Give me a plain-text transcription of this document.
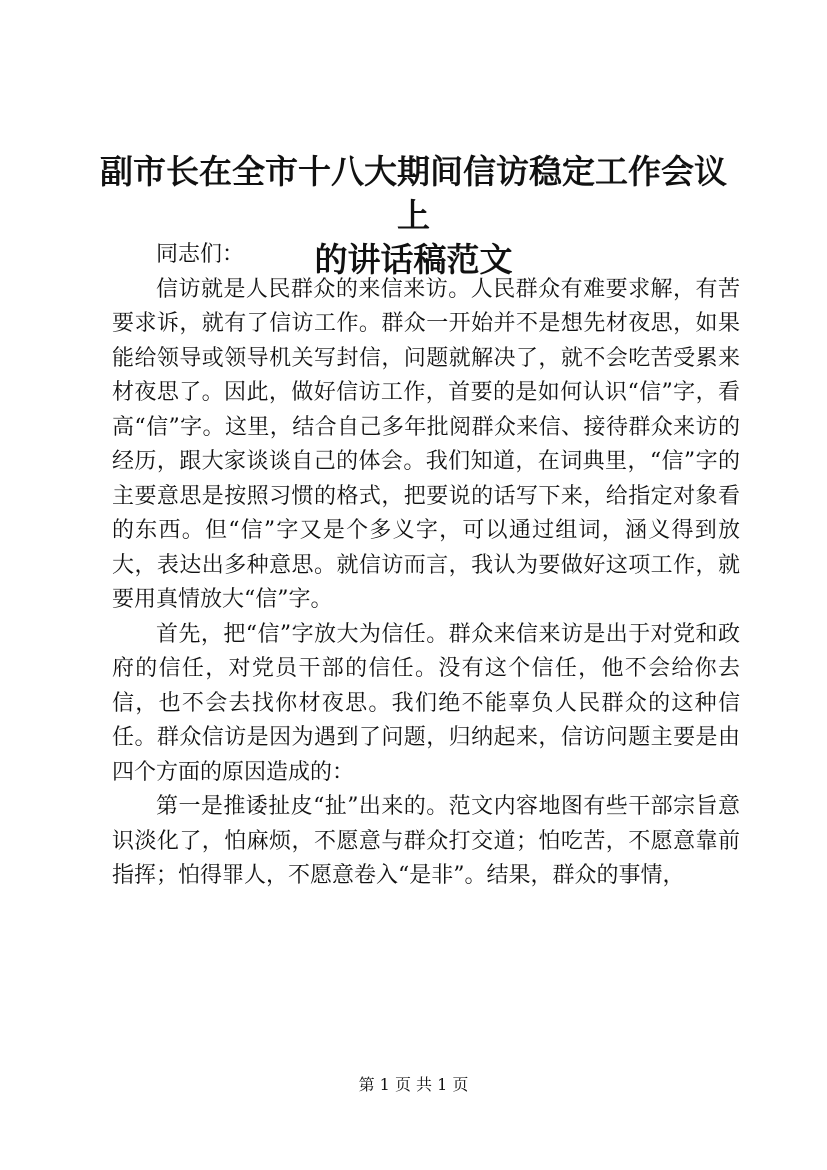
副市长在全市十八大期间信访稳定工作会议上
的讲话稿范文

同志们：

信访就是人民群众的来信来访。人民群众有难要求解，有苦要求诉，就有了信访工作。群众一开始并不是想先材夜思，如果能给领导或领导机关写封信，问题就解决了，就不会吃苦受累来材夜思了。因此，做好信访工作，首要的是如何认识“信”字，看高“信”字。这里，结合自己多年批阅群众来信、接待群众来访的经历，跟大家谈谈自己的体会。我们知道，在词典里，“信”字的主要意思是按照习惯的格式，把要说的话写下来，给指定对象看的东西。但“信”字又是个多义字，可以通过组词，涵义得到放大，表达出多种意思。就信访而言，我认为要做好这项工作，就要用真情放大“信”字。

首先，把“信”字放大为信任。群众来信来访是出于对党和政府的信任，对党员干部的信任。没有这个信任，他不会给你去信，也不会去找你材夜思。我们绝不能辜负人民群众的这种信任。群众信访是因为遇到了问题，归纳起来，信访问题主要是由四个方面的原因造成的：

第一是推诿扯皮“扯”出来的。范文内容地图有些干部宗旨意识淡化了，怕麻烦，不愿意与群众打交道；怕吃苦，不愿意靠前指挥；怕得罪人，不愿意卷入“是非”。结果，群众的事情，

第 1 页 共 1 页
